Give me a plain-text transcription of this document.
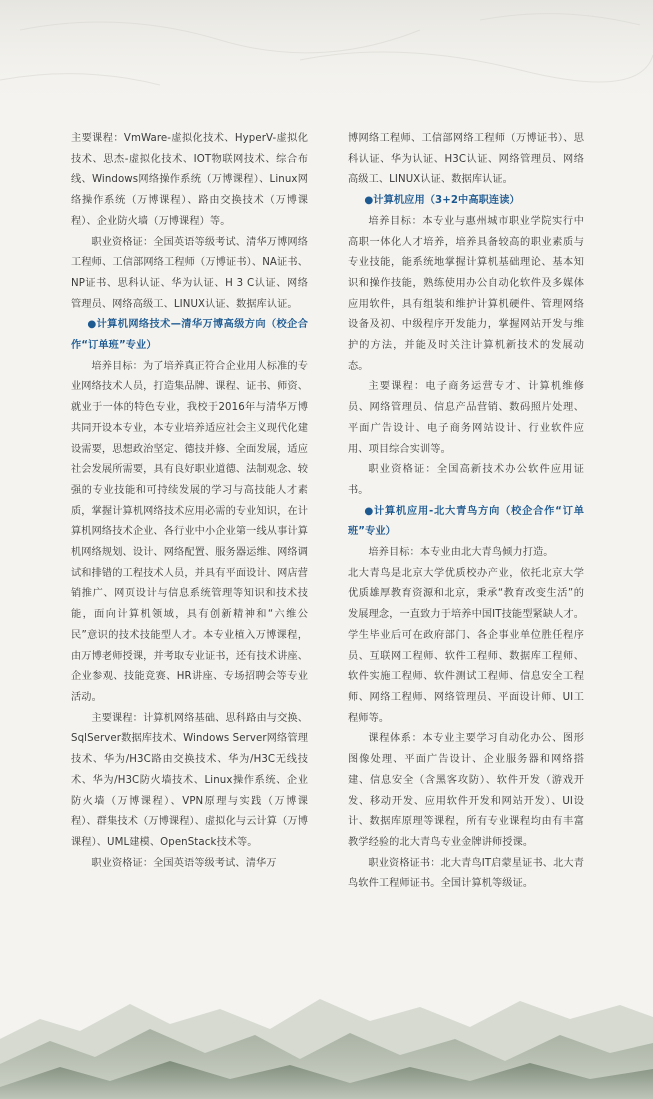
主要课程：VmWare-虚拟化技术、HyperV-虚拟化技术、思杰-虚拟化技术、IOT物联网技术、综合布线、Windows网络操作系统（万博课程）、Linux网络操作系统（万博课程）、路由交换技术（万博课程）、企业防火墙（万博课程）等。

职业资格证：全国英语等级考试、清华万博网络工程师、工信部网络工程师（万博证书）、NA证书、NP证书、思科认证、华为认证、H 3 C认证、网络管理员、网络高级工、LINUX认证、数据库认证。

●计算机网络技术—清华万博高级方向（校企合作“订单班”专业）

培养目标：为了培养真正符合企业用人标准的专业网络技术人员，打造集品牌、课程、证书、师资、就业于一体的特色专业，我校于2016年与清华万博共同开设本专业，本专业培养适应社会主义现代化建设需要，思想政治坚定、德技并修、全面发展，适应社会发展所需要，具有良好职业道德、法制观念、较强的专业技能和可持续发展的学习与高技能人才素质，掌握计算机网络技术应用必需的专业知识，在计算机网络技术企业、各行业中小企业第一线从事计算机网络规划、设计、网络配置、服务器运维、网络调试和排错的工程技术人员，并具有平面设计、网店营销推广、网页设计与信息系统管理等知识和技术技能，面向计算机领域，具有创新精神和“六维公民”意识的技术技能型人才。本专业植入万博课程，由万博老师授课，并考取专业证书，还有技术讲座、企业参观、技能竞赛、HR讲座、专场招聘会等专业活动。

主要课程：计算机网络基础、思科路由与交换、SqlServer数据库技术、Windows Server网络管理技术、华为/H3C路由交换技术、华为/H3C无线技术、华为/H3C防火墙技术、Linux操作系统、企业防火墙（万博课程）、VPN原理与实践（万博课程）、群集技术（万博课程）、虚拟化与云计算（万博课程）、UML建模、OpenStack技术等。

职业资格证：全国英语等级考试、清华万

博网络工程师、工信部网络工程师（万博证书）、思科认证、华为认证、H3C认证、网络管理员、网络高级工、LINUX认证、数据库认证。

●计算机应用（3+2中高职连读）

培养目标：本专业与惠州城市职业学院实行中高职一体化人才培养，培养具备较高的职业素质与专业技能，能系统地掌握计算机基础理论、基本知识和操作技能，熟练使用办公自动化软件及多媒体应用软件，具有组装和维护计算机硬件、管理网络设备及初、中级程序开发能力，掌握网站开发与维护的方法，并能及时关注计算机新技术的发展动态。

主要课程：电子商务运营专才、计算机维修员、网络管理员、信息产品营销、数码照片处理、平面广告设计、电子商务网站设计、行业软件应用、项目综合实训等。

职业资格证：全国高新技术办公软件应用证书。

●计算机应用-北大青鸟方向（校企合作“订单班”专业）

培养目标：本专业由北大青鸟倾力打造。

北大青鸟是北京大学优质校办产业，依托北京大学优质雄厚教育资源和北京，秉承“教育改变生活”的发展理念，一直致力于培养中国IT技能型紧缺人才。学生毕业后可在政府部门、各企事业单位胜任程序员、互联网工程师、软件工程师、数据库工程师、软件实施工程师、软件测试工程师、信息安全工程师、网络工程师、网络管理员、平面设计师、UI工程师等。

课程体系：本专业主要学习自动化办公、图形图像处理、平面广告设计、企业服务器和网络搭建、信息安全（含黑客攻防）、软件开发（游戏开发、移动开发、应用软件开发和网站开发）、UI设计、数据库原理等课程，所有专业课程均由有丰富教学经验的北大青鸟专业金牌讲师授课。

职业资格证书：北大青鸟IT启蒙星证书、北大青鸟软件工程师证书。全国计算机等级证。
